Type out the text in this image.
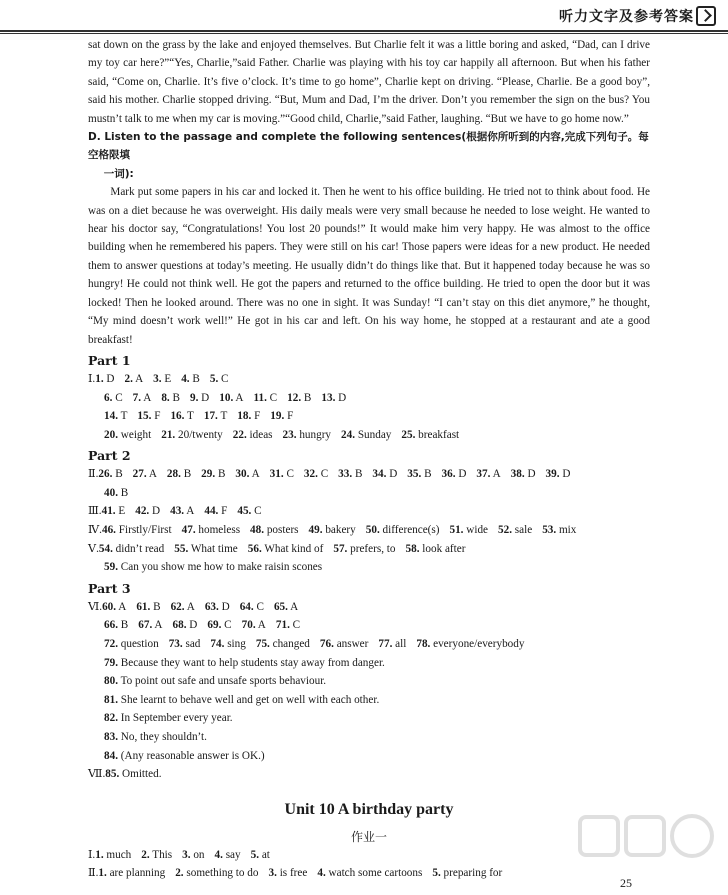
听力文字及参考答案

sat down on the grass by the lake and enjoyed themselves. But Charlie felt it was a little boring and asked, “Dad, can I drive my toy car here?”“Yes, Charlie,”said Father. Charlie was playing with his toy car happily all afternoon. But when his father said, “Come on, Charlie. It’s five o’clock. It’s time to go home”, Charlie kept on driving. “Please, Charlie. Be a good boy”, said his mother. Charlie stopped driving. “But, Mum and Dad, I’m the driver. Don’t you remember the sign on the bus? You mustn’t talk to me when my car is moving.”“Good child, Charlie,”said Father, laughing. “But we have to go home now.”

D. Listen to the passage and complete the following sentences(根据你所听到的内容,完成下列句子。每空格限填
一词):

Mark put some papers in his car and locked it. Then he went to his office building. He tried not to think about food. He was on a diet because he was overweight. His daily meals were very small because he needed to lose weight. He wanted to hear his doctor say, “Congratulations! You lost 20 pounds!” It would make him very happy. He was almost to the office building when he remembered his papers. They were still on his car! Those papers were ideas for a new product. He needed them to answer questions at today’s meeting. He usually didn’t do things like that. But it happened today because he was so hungry! He could not think well. He got the papers and returned to the office building. He tried to open the door but it was locked! Then he looked around. There was no one in sight. It was Sunday! “I can’t stay on this diet anymore,” he thought, “My mind doesn’t work well!” He got in his car and left. On his way home, he stopped at a restaurant and ate a good breakfast!

Part 1
Ⅰ.1. D 2. A 3. E 4. B 5. C
6. C 7. A 8. B 9. D 10. A 11. C 12. B 13. D
14. T 15. F 16. T 17. T 18. F 19. F
20. weight 21. 20/twenty 22. ideas 23. hungry 24. Sunday 25. breakfast
Part 2
Ⅱ.26. B 27. A 28. B 29. B 30. A 31. C 32. C 33. B 34. D 35. B 36. D 37. A 38. D 39. D
40. B
Ⅲ.41. E 42. D 43. A 44. F 45. C
Ⅳ.46. Firstly/First 47. homeless 48. posters 49. bakery 50. difference(s) 51. wide 52. sale 53. mix
Ⅴ.54. didn’t read 55. What time 56. What kind of 57. prefers, to 58. look after
59. Can you show me how to make raisin scones
Part 3
Ⅵ.60. A 61. B 62. A 63. D 64. C 65. A
66. B 67. A 68. D 69. C 70. A 71. C
72. question 73. sad 74. sing 75. changed 76. answer 77. all 78. everyone/everybody
79. Because they want to help students stay away from danger.
80. To point out safe and unsafe sports behaviour.
81. She learnt to behave well and get on well with each other.
82. In September every year.
83. No, they shouldn’t.
84. (Any reasonable answer is OK.)
Ⅶ.85. Omitted.
Unit 10 A birthday party
作业一
Ⅰ.1. much 2. This 3. on 4. say 5. at
Ⅱ.1. are planning 2. something to do 3. is free 4. watch some cartoons 5. preparing for
25
